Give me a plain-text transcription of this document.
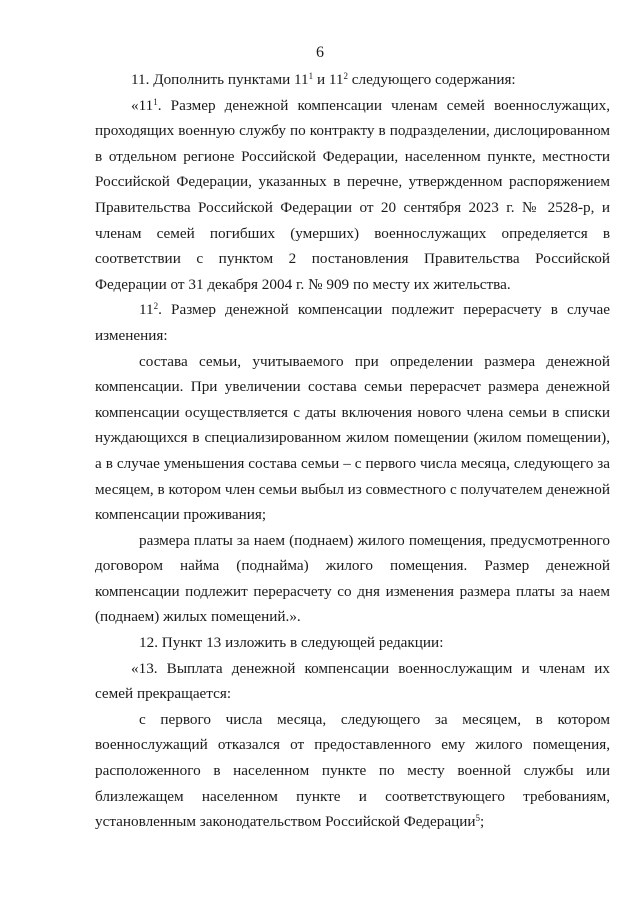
6

11. Дополнить пунктами $11^1$ и $11^2$ следующего содержания:

«$11^1$. Размер денежной компенсации членам семей военнослужащих, проходящих военную службу по контракту в подразделении, дислоцированном в отдельном регионе Российской Федерации, населенном пункте, местности Российской Федерации, указанных в перечне, утвержденном распоряжением Правительства Российской Федерации от 20 сентября 2023 г. № 2528-р, и членам семей погибших (умерших) военнослужащих определяется в соответствии с пунктом 2 постановления Правительства Российской Федерации от 31 декабря 2004 г. № 909 по месту их жительства.

$11^2$. Размер денежной компенсации подлежит перерасчету в случае изменения:

состава семьи, учитываемого при определении размера денежной компенсации. При увеличении состава семьи перерасчет размера денежной компенсации осуществляется с даты включения нового члена семьи в списки нуждающихся в специализированном жилом помещении (жилом помещении), а в случае уменьшения состава семьи – с первого числа месяца, следующего за месяцем, в котором член семьи выбыл из совместного с получателем денежной компенсации проживания;

размера платы за наем (поднаем) жилого помещения, предусмотренного договором найма (поднайма) жилого помещения. Размер денежной компенсации подлежит перерасчету со дня изменения размера платы за наем (поднаем) жилых помещений.».

12. Пункт 13 изложить в следующей редакции:

«13. Выплата денежной компенсации военнослужащим и членам их семей прекращается:

с первого числа месяца, следующего за месяцем, в котором военнослужащий отказался от предоставленного ему жилого помещения, расположенного в населенном пункте по месту военной службы или близлежащем населенном пункте и соответствующего требованиям, установленным законодательством Российской Федерации$^5$;
